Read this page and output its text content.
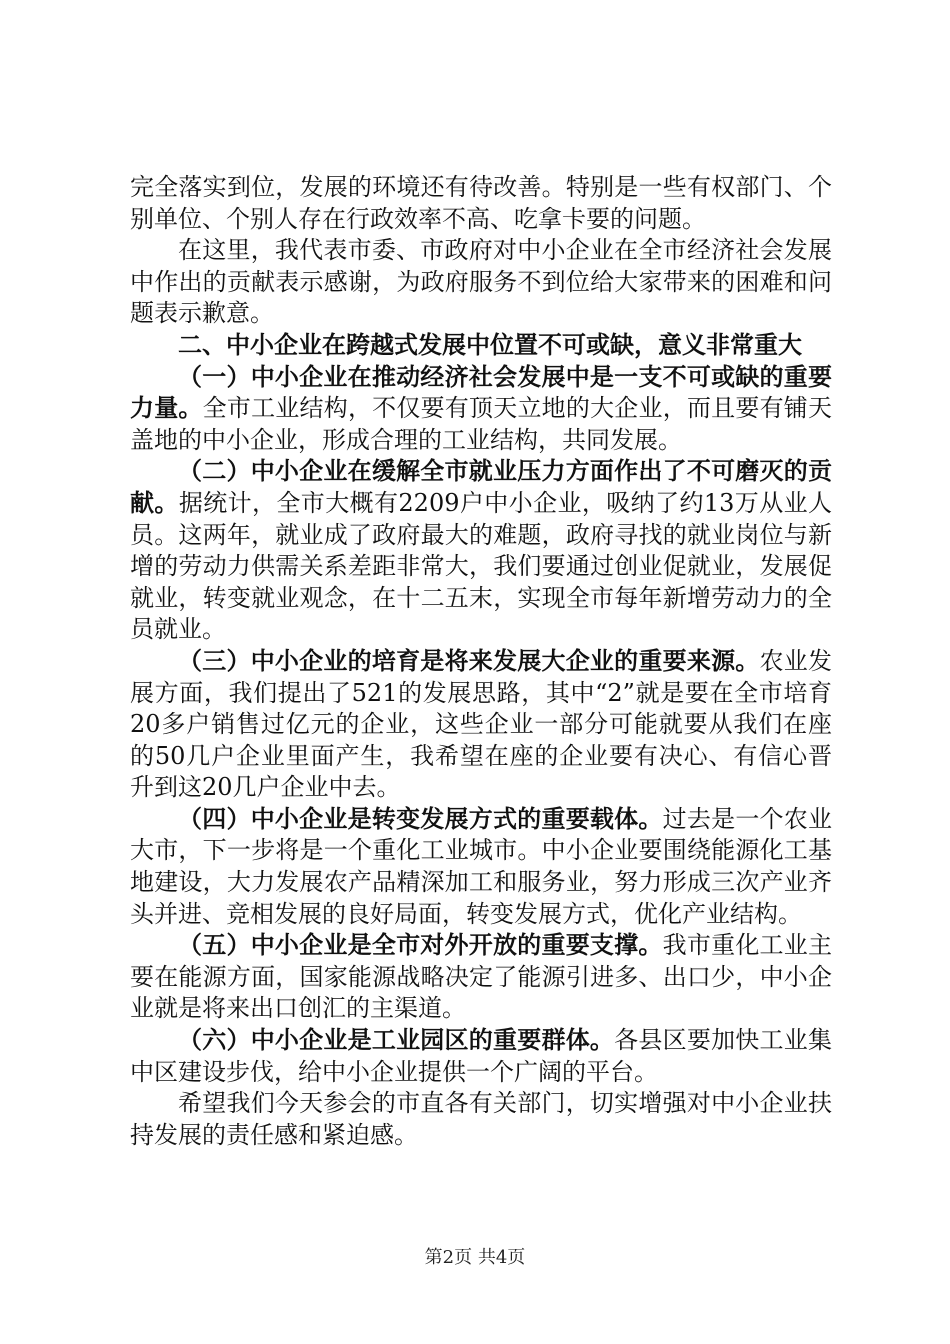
完全落实到位，发展的环境还有待改善。特别是一些有权部门、个别单位、个别人存在行政效率不高、吃拿卡要的问题。

在这里，我代表市委、市政府对中小企业在全市经济社会发展中作出的贡献表示感谢，为政府服务不到位给大家带来的困难和问题表示歉意。

二、中小企业在跨越式发展中位置不可或缺，意义非常重大

（一）中小企业在推动经济社会发展中是一支不可或缺的重要力量。全市工业结构，不仅要有顶天立地的大企业，而且要有铺天盖地的中小企业，形成合理的工业结构，共同发展。

（二）中小企业在缓解全市就业压力方面作出了不可磨灭的贡献。据统计，全市大概有2209户中小企业，吸纳了约13万从业人员。这两年，就业成了政府最大的难题，政府寻找的就业岗位与新增的劳动力供需关系差距非常大，我们要通过创业促就业，发展促就业，转变就业观念，在十二五末，实现全市每年新增劳动力的全员就业。

（三）中小企业的培育是将来发展大企业的重要来源。农业发展方面，我们提出了521的发展思路，其中“2”就是要在全市培育20多户销售过亿元的企业，这些企业一部分可能就要从我们在座的50几户企业里面产生，我希望在座的企业要有决心、有信心晋升到这20几户企业中去。

（四）中小企业是转变发展方式的重要载体。过去是一个农业大市，下一步将是一个重化工业城市。中小企业要围绕能源化工基地建设，大力发展农产品精深加工和服务业，努力形成三次产业齐头并进、竞相发展的良好局面，转变发展方式，优化产业结构。

（五）中小企业是全市对外开放的重要支撑。我市重化工业主要在能源方面，国家能源战略决定了能源引进多、出口少，中小企业就是将来出口创汇的主渠道。

（六）中小企业是工业园区的重要群体。各县区要加快工业集中区建设步伐，给中小企业提供一个广阔的平台。

希望我们今天参会的市直各有关部门，切实增强对中小企业扶持发展的责任感和紧迫感。

第2页 共4页
